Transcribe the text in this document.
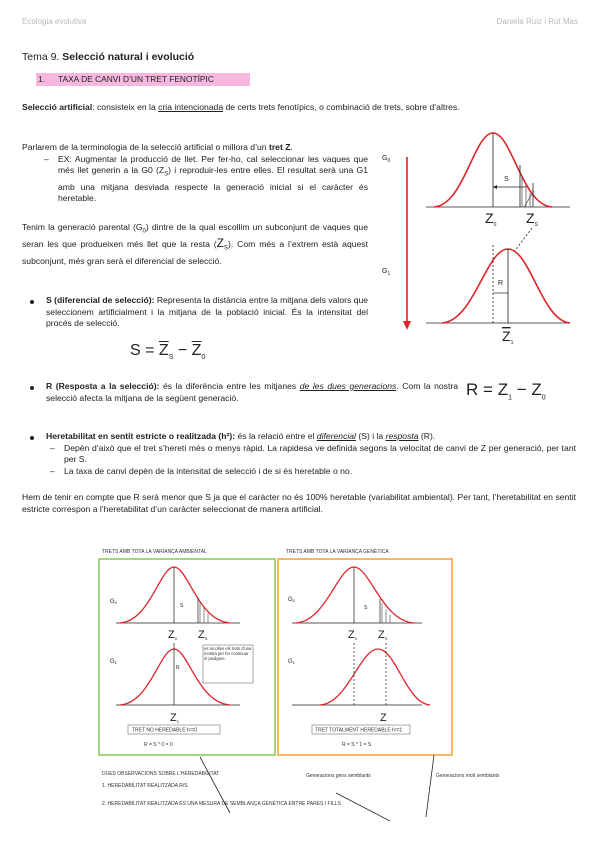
Ecologia evolutiva	Daniela Ruiz i Rut Mas
Tema 9. Selecció natural i evolució
1. TAXA DE CANVI D’UN TRET FENOTÍPIC

Selecció artificial: consisteix en la cria intencionada de certs trets fenotípics, o combinació de trets, sobre d’altres.

Parlarem de la terminologia de la selecció artificial o millora d’un tret Z.

– EX: Augmentar la producció de llet. Per fer-ho, cal seleccionar les vaques que més llet generin a la G0 $(Z_S)$ i reproduir-les entre elles. El resultat serà una G1 amb una mitjana desviada respecte la generació inicial si el caràcter és heretable.

Tenim la generació parental $(G_0)$ dintre de la qual escollim un subconjunt de vaques que seran les que produeixen més llet que la resta $(Z_S)$. Com més a l’extrem està aquest subconjunt, més gran serà el diferencial de selecció.

S (diferencial de selecció): Representa la distància entre la mitjana dels valors que seleccionem artificialment i la mitjana de la població inicial. És la intensitat del procés de selecció.

$S = \overline{Z}_S - \overline{Z}_0$

R (Resposta a la selecció): és la diferència entre les mitjanes de les dues generacions. Com la nostra selecció afecta la mitjana de la següent generació.	$R = Z_1 - Z_0$

Heretabilitat en sentit estricte o realitzada (h²): és la relació entre el diferencial (S) i la resposta (R).

– Depèn d’això que el tret s’hereti més o menys ràpid. La rapidesa ve definida segons la velocitat de canvi de Z per generació, per tant per S.
– La taxa de canvi depèn de la intensitat de selecció i de si és heretable o no.

Hem de tenir en compte que R serà menor que S ja que el caràcter no és 100% heretable (variabilitat ambiental). Per tant, l’heretabilitat en sentit estricte correspon a l’heretabilitat d’un caràcter seleccionat de manera artificial.

$G_0$
$G_1$
S
$Z_0$ $Z_S$
R
$Z_1$
TRETS AMB TOTA LA VARIANÇA AMBIENTAL	TRETS AMB TOTA LA VARIANÇA GENÈTICA
G0
S
Z0 ZS
G1
R
Z1
es recollen els trets d'una mostra per fer continuar el pedigree
TRET NO HEREDABLE h²=0
R = S * 0 = 0
G0
S
Z0 ZS
G1
Z
TRET TOTALMENT HEREDABLE h²=1
R = S * 1 = S
Generacions gens semblants	Generacions molt semblants
DUES OBSERVACIONS SOBRE L'HEREDABILITAT
1. HEREDABILITAT REALITZADA R/S
2. HEREDABILITAT REALITZADA ÉS UNA MESURA DE SEMBLANÇA GENÈTICA ENTRE PARES I FILLS
